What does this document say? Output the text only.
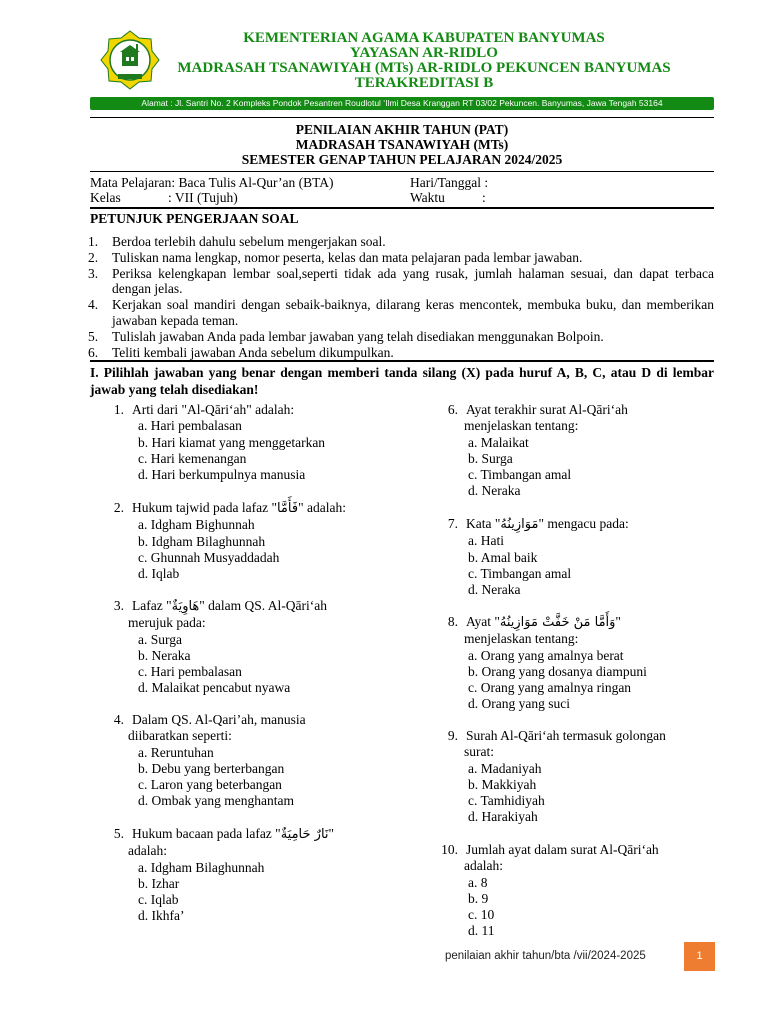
KEMENTERIAN AGAMA KABUPATEN BANYUMAS
YAYASAN AR-RIDLO
MADRASAH TSANAWIYAH (MTs) AR-RIDLO PEKUNCEN BANYUMAS
TERAKREDITASI B
Alamat : Jl. Santri No. 2 Kompleks Pondok Pesantren Roudlotul ‘Ilmi Desa Kranggan RT 03/02 Pekuncen. Banyumas, Jawa Tengah 53164
PENILAIAN AKHIR TAHUN (PAT)
MADRASAH TSANAWIYAH (MTs)
SEMESTER GENAP TAHUN PELAJARAN 2024/2025
Mata Pelajaran: Baca Tulis Al-Qur’an (BTA)
Kelas              : VII (Tujuh)
Hari/Tanggal :
Waktu           :
PETUNJUK PENGERJAAN SOAL
1.	Berdoa terlebih dahulu sebelum mengerjakan soal.
2.	Tuliskan nama lengkap, nomor peserta, kelas dan mata pelajaran pada lembar jawaban.
3.	Periksa kelengkapan lembar soal,seperti tidak ada yang rusak, jumlah halaman sesuai, dan dapat terbaca dengan jelas.
4.	Kerjakan soal mandiri dengan sebaik-baiknya, dilarang keras mencontek, membuka buku, dan memberikan jawaban kepada teman.
5.	Tulislah jawaban Anda pada lembar jawaban yang telah disediakan menggunakan Bolpoin.
6.	Teliti kembali jawaban Anda sebelum dikumpulkan.
I. Pilihlah jawaban yang benar dengan memberi tanda silang (X) pada huruf A, B, C, atau D di lembar jawab yang telah disediakan!
1. Arti dari "Al-Qāri‘ah" adalah:
a. Hari pembalasan
b. Hari kiamat yang menggetarkan
c. Hari kemenangan
d. Hari berkumpulnya manusia
2. Hukum tajwid pada lafaz "فَأَمَّا" adalah:
a. Idgham Bighunnah
b. Idgham Bilaghunnah
c. Ghunnah Musyaddadah
d. Iqlab
3. Lafaz "هَاوِيَةٌ" dalam QS. Al-Qāri‘ah
merujuk pada:
a. Surga
b. Neraka
c. Hari pembalasan
d. Malaikat pencabut nyawa
4. Dalam QS. Al-Qari’ah, manusia
diibaratkan seperti:
a. Reruntuhan
b. Debu yang berterbangan
c. Laron yang beterbangan
d. Ombak yang menghantam
5. Hukum bacaan pada lafaz "نَارٌ حَامِيَةٌ"
adalah:
a. Idgham Bilaghunnah
b. Izhar
c. Iqlab
d. Ikhfa’
6. Ayat terakhir surat Al-Qāri‘ah
menjelaskan tentang:
a. Malaikat
b. Surga
c. Timbangan amal
d. Neraka
7. Kata "مَوَازِينُهُ" mengacu pada:
a. Hati
b. Amal baik
c. Timbangan amal
d. Neraka
8. Ayat "وَأَمَّا مَنْ خَفَّتْ مَوَازِينُهُ"
menjelaskan tentang:
a. Orang yang amalnya berat
b. Orang yang dosanya diampuni
c. Orang yang amalnya ringan
d. Orang yang suci
9. Surah Al-Qāri‘ah termasuk golongan
surat:
a. Madaniyah
b. Makkiyah
c. Tamhidiyah
d. Harakiyah
10. Jumlah ayat dalam surat Al-Qāri‘ah
adalah:
a. 8
b. 9
c. 10
d. 11
penilaian akhir tahun/bta /vii/2024-2025	1
